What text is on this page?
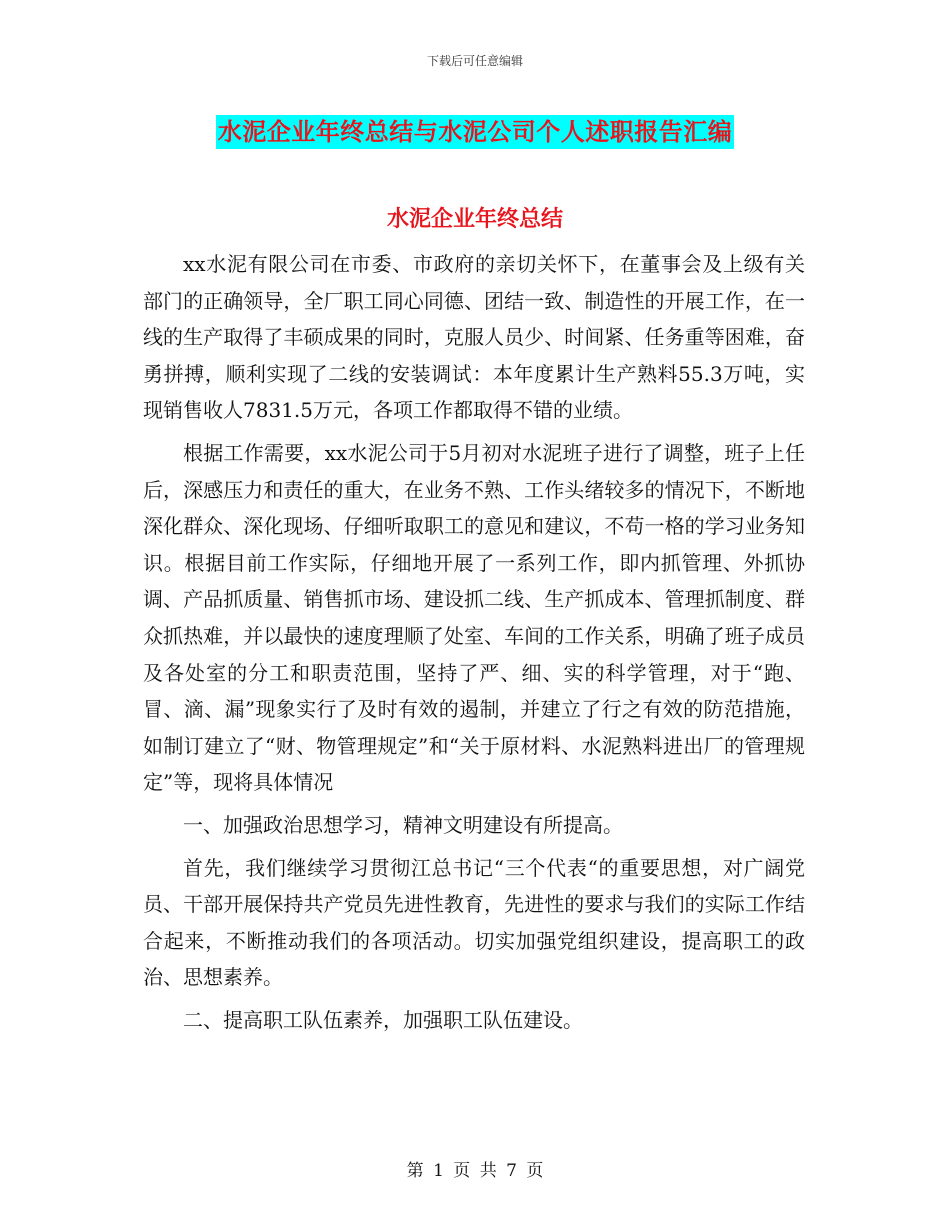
下载后可任意编辑
水泥企业年终总结与水泥公司个人述职报告汇编
水泥企业年终总结

xx水泥有限公司在市委、市政府的亲切关怀下，在董事会及上级有关部门的正确领导，全厂职工同心同德、团结一致、制造性的开展工作，在一线的生产取得了丰硕成果的同时，克服人员少、时间紧、任务重等困难，奋勇拼搏，顺利实现了二线的安装调试：本年度累计生产熟料55.3万吨，实现销售收人7831.5万元，各项工作都取得不错的业绩。

根据工作需要，xx水泥公司于5月初对水泥班子进行了调整，班子上任后，深感压力和责任的重大，在业务不熟、工作头绪较多的情况下，不断地深化群众、深化现场、仔细听取职工的意见和建议，不苟一格的学习业务知识。根据目前工作实际，仔细地开展了一系列工作，即内抓管理、外抓协调、产品抓质量、销售抓市场、建设抓二线、生产抓成本、管理抓制度、群众抓热难，并以最快的速度理顺了处室、车间的工作关系，明确了班子成员及各处室的分工和职责范围，坚持了严、细、实的科学管理，对于“跑、冒、滴、漏”现象实行了及时有效的遏制，并建立了行之有效的防范措施，如制订建立了“财、物管理规定”和“关于原材料、水泥熟料进出厂的管理规定”等，现将具体情况

一、加强政治思想学习，精神文明建设有所提高。

首先，我们继续学习贯彻江总书记“三个代表“的重要思想，对广阔党员、干部开展保持共产党员先进性教育，先进性的要求与我们的实际工作结合起来，不断推动我们的各项活动。切实加强党组织建设，提高职工的政治、思想素养。

二、提高职工队伍素养，加强职工队伍建设。

第 1 页 共 7 页
